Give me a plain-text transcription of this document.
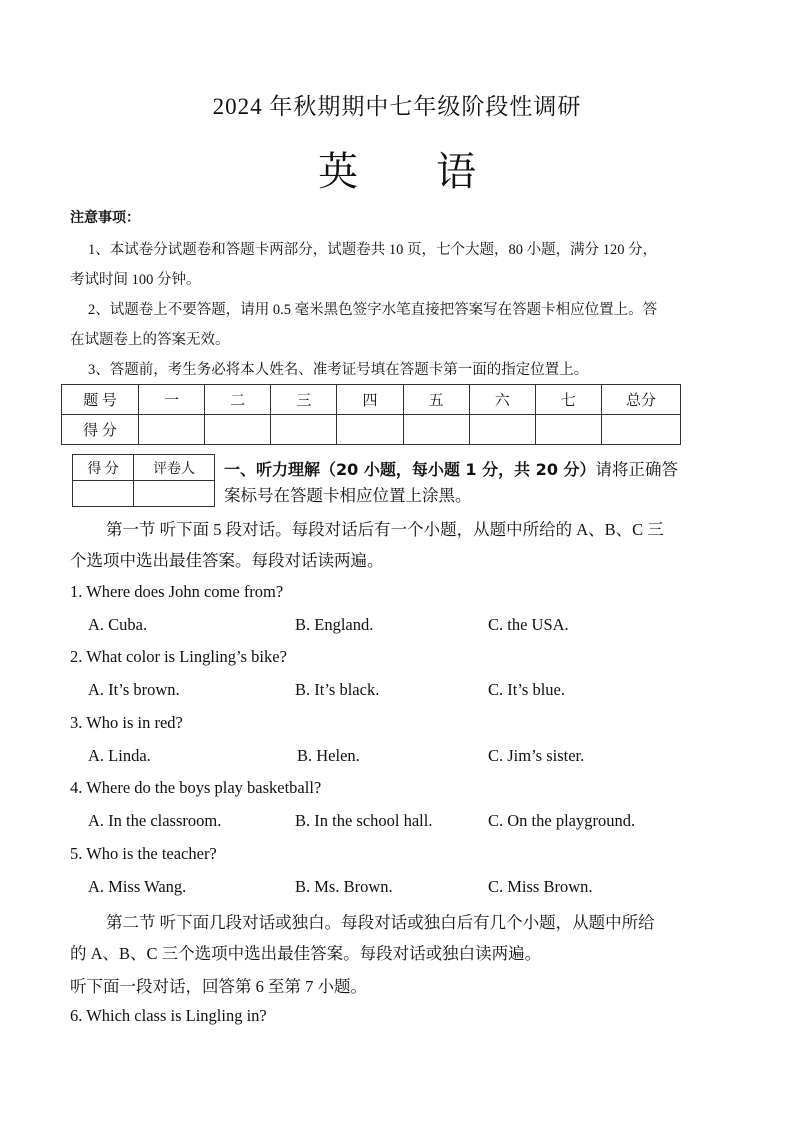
2024 年秋期期中七年级阶段性调研
英 语
注意事项：
1、本试卷分试题卷和答题卡两部分，试题卷共 10 页，七个大题，80 小题，满分 120 分，
考试时间 100 分钟。
2、试题卷上不要答题，请用 0.5 毫米黑色签字水笔直接把答案写在答题卡相应位置上。答
在试题卷上的答案无效。
3、答题前，考生务必将本人姓名、准考证号填在答题卡第一面的指定位置上。
题 号	一	二	三	四	五	六	七	总分
得 分								
得 分	评卷人
	一、听力理解（20 小题，每小题 1 分，共 20 分）请将正确答
案标号在答题卡相应位置上涂黑。
第一节 听下面 5 段对话。每段对话后有一个小题，从题中所给的 A、B、C 三
个选项中选出最佳答案。每段对话读两遍。
1. Where does John come from?
A. Cuba.	B. England.	C. the USA.
2. What color is Lingling’s bike?
A. It’s brown.	B. It’s black.	C. It’s blue.
3. Who is in red?
A. Linda.	B. Helen.	C. Jim’s sister.
4. Where do the boys play basketball?
A. In the classroom.	B. In the school hall.	C. On the playground.
5. Who is the teacher?
A. Miss Wang.	B. Ms. Brown.	C. Miss Brown.
第二节 听下面几段对话或独白。每段对话或独白后有几个小题，从题中所给
的 A、B、C 三个选项中选出最佳答案。每段对话或独白读两遍。
听下面一段对话，回答第 6 至第 7 小题。
6. Which class is Lingling in?
